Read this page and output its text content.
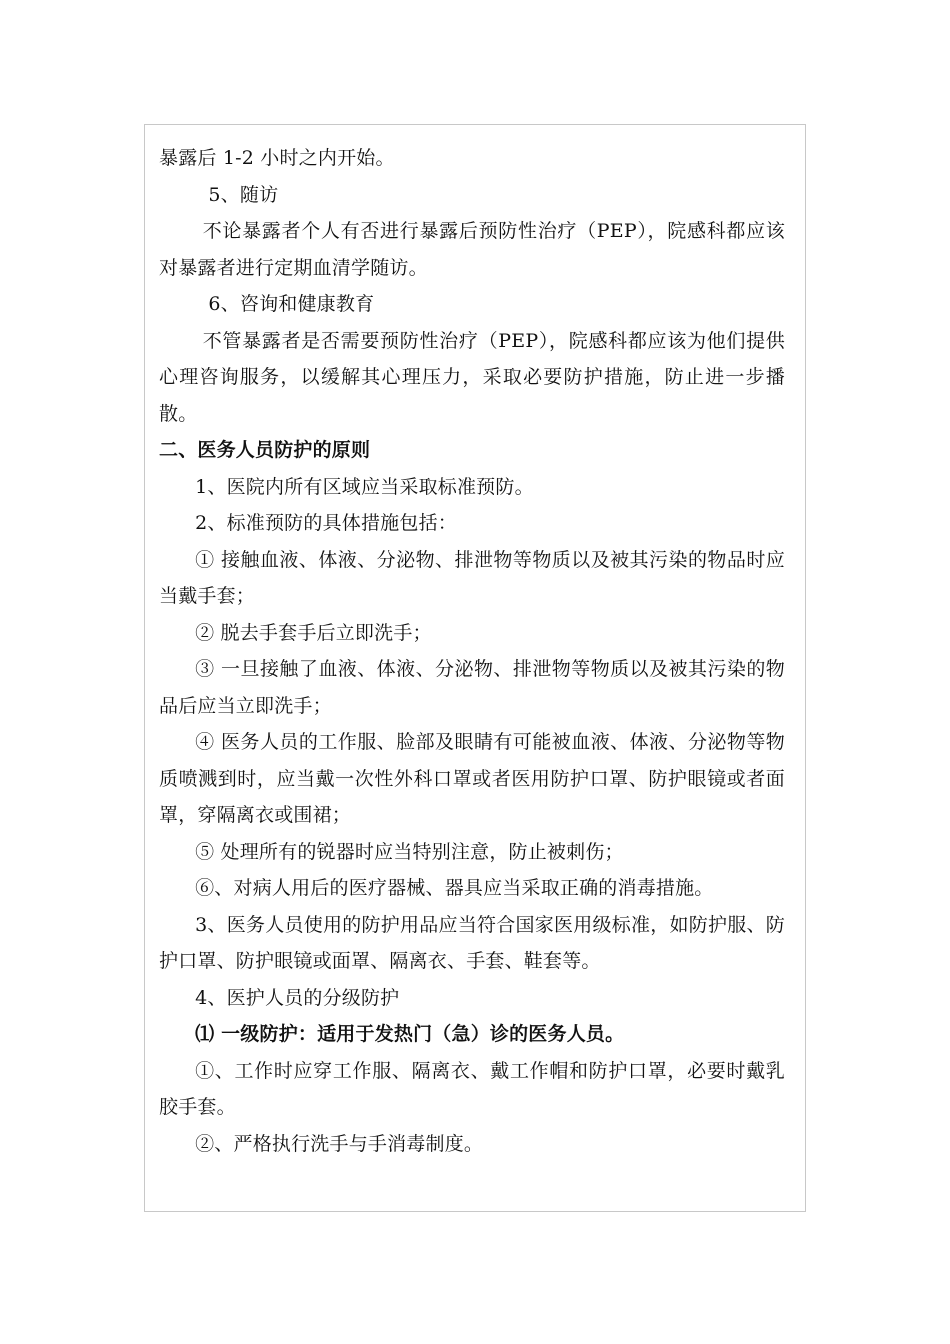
暴露后 1-2 小时之内开始。

5、随访

不论暴露者个人有否进行暴露后预防性治疗（PEP），院感科都应该对暴露者进行定期血清学随访。

6、咨询和健康教育

不管暴露者是否需要预防性治疗（PEP），院感科都应该为他们提供心理咨询服务，以缓解其心理压力，采取必要防护措施，防止进一步播散。

二、医务人员防护的原则

1、医院内所有区域应当采取标准预防。

2、标准预防的具体措施包括：

① 接触血液、体液、分泌物、排泄物等物质以及被其污染的物品时应当戴手套；

② 脱去手套手后立即洗手；

③ 一旦接触了血液、体液、分泌物、排泄物等物质以及被其污染的物品后应当立即洗手；

④ 医务人员的工作服、脸部及眼睛有可能被血液、体液、分泌物等物质喷溅到时，应当戴一次性外科口罩或者医用防护口罩、防护眼镜或者面罩，穿隔离衣或围裙；

⑤ 处理所有的锐器时应当特别注意，防止被刺伤；

⑥、对病人用后的医疗器械、器具应当采取正确的消毒措施。

3、医务人员使用的防护用品应当符合国家医用级标准，如防护服、防护口罩、防护眼镜或面罩、隔离衣、手套、鞋套等。

4、医护人员的分级防护

⑴ 一级防护：适用于发热门（急）诊的医务人员。

①、工作时应穿工作服、隔离衣、戴工作帽和防护口罩，必要时戴乳胶手套。

②、严格执行洗手与手消毒制度。
